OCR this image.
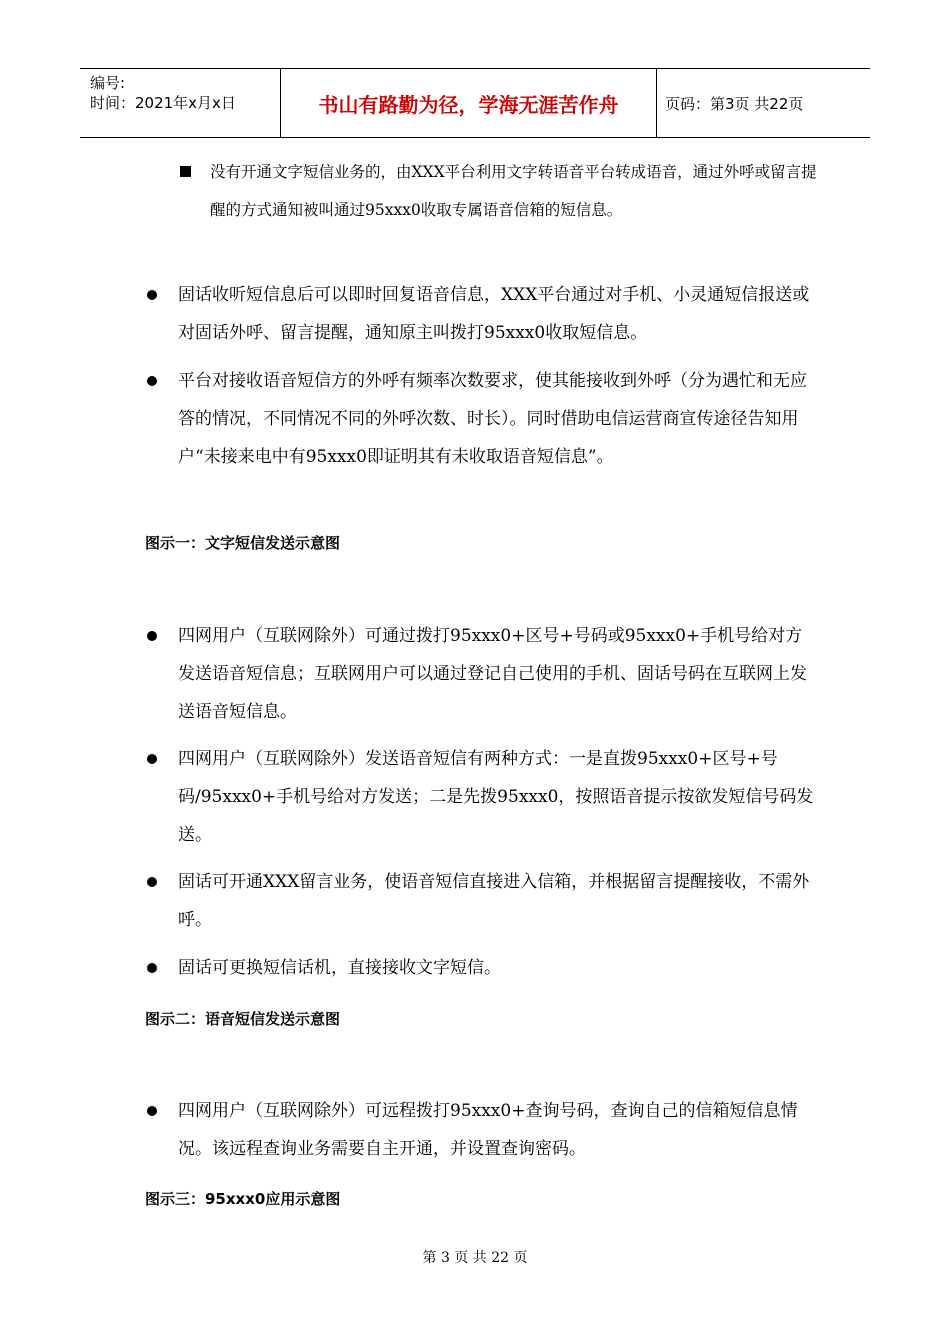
编号:
时间：2021年x月x日	书山有路勤为径，学海无涯苦作舟	页码：第3页 共22页

没有开通文字短信业务的，由XXX平台利用文字转语音平台转成语音，通过外呼或留言提醒的方式通知被叫通过95xxx0收取专属语音信箱的短信息。

固话收听短信息后可以即时回复语音信息，XXX平台通过对手机、小灵通短信报送或对固话外呼、留言提醒，通知原主叫拨打95xxx0收取短信息。

平台对接收语音短信方的外呼有频率次数要求，使其能接收到外呼（分为遇忙和无应答的情况，不同情况不同的外呼次数、时长）。同时借助电信运营商宣传途径告知用户“未接来电中有95xxx0即证明其有未收取语音短信息”。

图示一：文字短信发送示意图

四网用户（互联网除外）可通过拨打95xxx0+区号+号码或95xxx0+手机号给对方发送语音短信息；互联网用户可以通过登记自己使用的手机、固话号码在互联网上发送语音短信息。

四网用户（互联网除外）发送语音短信有两种方式：一是直拨95xxx0+区号+号码/95xxx0+手机号给对方发送；二是先拨95xxx0，按照语音提示按欲发短信号码发送。

固话可开通XXX留言业务，使语音短信直接进入信箱，并根据留言提醒接收，不需外呼。

固话可更换短信话机，直接接收文字短信。

图示二：语音短信发送示意图

四网用户（互联网除外）可远程拨打95xxx0+查询号码，查询自己的信箱短信息情况。该远程查询业务需要自主开通，并设置查询密码。

图示三：95xxx0应用示意图
第 3 页 共 22 页
